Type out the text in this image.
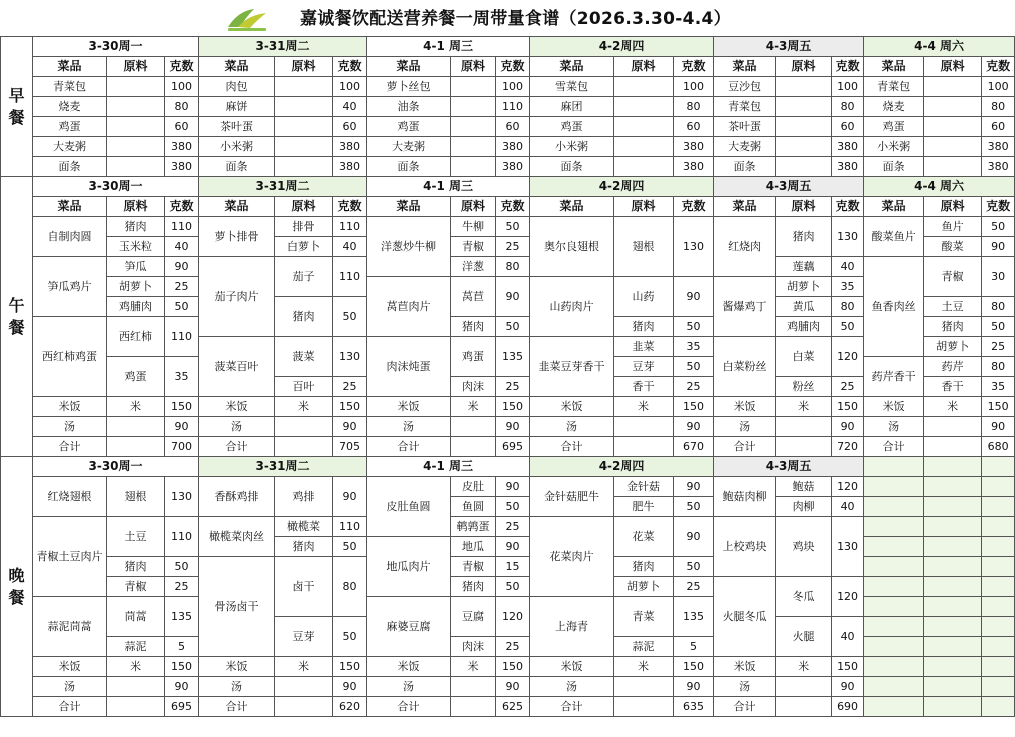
嘉诚餐饮配送营养餐一周带量食谱（2026.3.30-4.4）
早餐	3-30周一			3-31周二			4-1 周三			4-2周四			4-3周五			4-4 周六		
	菜品	原料	克数	菜品	原料	克数	菜品	原料	克数	菜品	原料	克数	菜品	原料	克数	菜品	原料	克数
	青菜包		100	肉包		100	萝卜丝包		100	雪菜包		100	豆沙包		100	青菜包		100
	烧麦		80	麻饼		40	油条		110	麻团		80	青菜包		80	烧麦		80
	鸡蛋		60	茶叶蛋		60	鸡蛋		60	鸡蛋		60	茶叶蛋		60	鸡蛋		60
	大麦粥		380	小米粥		380	大麦粥		380	小米粥		380	大麦粥		380	小米粥		380
	面条		380	面条		380	面条		380	面条		380	面条		380	面条		380
午餐	3-30周一			3-31周二			4-1 周三			4-2周四			4-3周五			4-4 周六		
	菜品	原料	克数	菜品	原料	克数	菜品	原料	克数	菜品	原料	克数	菜品	原料	克数	菜品	原料	克数
	自制肉圆	猪肉	110	萝卜排骨	排骨	110	洋葱炒牛柳	牛柳	50	奥尔良翅根	翅根	130	红烧肉	猪肉	130	酸菜鱼片	鱼片	50
		玉米粒	40		白萝卜	40		青椒	25								酸菜	90
	笋瓜鸡片	笋瓜	90	茄子肉片	茄子	110		洋葱	80					莲藕	40	鱼香肉丝	青椒	30
		胡萝卜	25				莴苣肉片	莴苣	90	山药肉片	山药	90	酱爆鸡丁	胡萝卜	35			
		鸡脯肉	50		猪肉	50								黄瓜	80		土豆	80
	西红柿鸡蛋	西红柿	110					猪肉	50		猪肉	50		鸡脯肉	50		猪肉	50
				菠菜百叶	菠菜	130	肉沫炖蛋	鸡蛋	135	韭菜豆芽香干	韭菜	35	白菜粉丝	白菜	120		胡萝卜	25
		鸡蛋	35								豆芽	50				药芹香干	药芹	80
					百叶	25		肉沫	25		香干	25		粉丝	25		香干	35
	米饭	米	150	米饭	米	150	米饭	米	150	米饭	米	150	米饭	米	150	米饭	米	150
	汤		90	汤		90	汤		90	汤		90	汤		90	汤		90
	合计		700	合计		705	合计		695	合计		670	合计		720	合计		680
晚餐	3-30周一			3-31周二			4-1 周三			4-2周四			4-3周五					
	红烧翅根	翅根	130	香酥鸡排	鸡排	90	皮肚鱼圆	皮肚	90	金针菇肥牛	金针菇	90	鲍菇肉柳	鲍菇	120			
								鱼圆	50		肥牛	50		肉柳	40			
	青椒土豆肉片	土豆	110	橄榄菜肉丝	橄榄菜	110		鹌鹑蛋	25	花菜肉片	花菜	90	上校鸡块	鸡块	130			
					猪肉	50	地瓜肉片	地瓜	90									
		猪肉	50	骨汤卤干	卤干	80		青椒	15		猪肉	50						
		青椒	25					猪肉	50		胡萝卜	25	火腿冬瓜	冬瓜	120			
	蒜泥茼蒿	茼蒿	135				麻婆豆腐	豆腐	120	上海青	青菜	135						
					豆芽	50								火腿	40			
		蒜泥	5					肉沫	25		蒜泥	5						
	米饭	米	150	米饭	米	150	米饭	米	150	米饭	米	150	米饭	米	150			
	汤		90	汤		90	汤		90	汤		90	汤		90			
	合计		695	合计		620	合计		625	合计		635	合计		690			
